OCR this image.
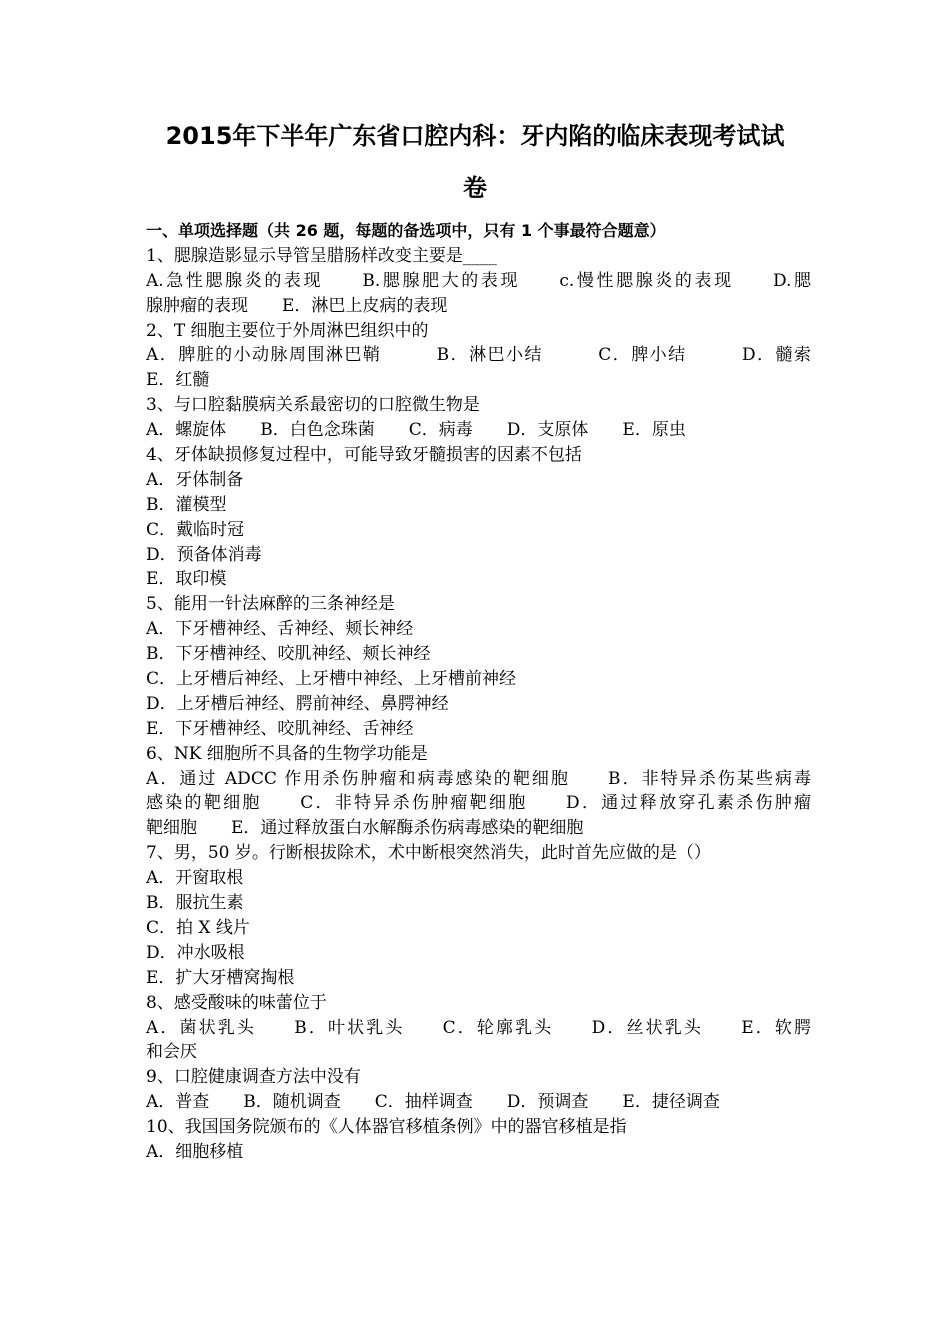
2015年下半年广东省口腔内科：牙内陷的临床表现考试试
卷
一、单项选择题（共 26 题，每题的备选项中，只有 1 个事最符合题意）
1、腮腺造影显示导管呈腊肠样改变主要是____
A.急性腮腺炎的表现　　B.腮腺肥大的表现　　c.慢性腮腺炎的表现　　D.腮
腺肿瘤的表现　　E．淋巴上皮病的表现
2、T 细胞主要位于外周淋巴组织中的
A．脾脏的小动脉周围淋巴鞘　　　B．淋巴小结　　　C．脾小结　　　D．髓索
E．红髓
3、与口腔黏膜病关系最密切的口腔微生物是
A．螺旋体　　B．白色念珠菌　　C．病毒　　D．支原体　　E．原虫
4、牙体缺损修复过程中，可能导致牙髓损害的因素不包括
A．牙体制备
B．灌模型
C．戴临时冠
D．预备体消毒
E．取印模
5、能用一针法麻醉的三条神经是
A．下牙槽神经、舌神经、颊长神经
B．下牙槽神经、咬肌神经、颊长神经
C．上牙槽后神经、上牙槽中神经、上牙槽前神经
D．上牙槽后神经、腭前神经、鼻腭神经
E．下牙槽神经、咬肌神经、舌神经
6、NK 细胞所不具备的生物学功能是
A．通过 ADCC 作用杀伤肿瘤和病毒感染的靶细胞　　B．非特异杀伤某些病毒
感染的靶细胞　　C．非特异杀伤肿瘤靶细胞　　D．通过释放穿孔素杀伤肿瘤
靶细胞　　E．通过释放蛋白水解酶杀伤病毒感染的靶细胞
7、男，50 岁。行断根拔除术，术中断根突然消失，此时首先应做的是（）
A．开窗取根
B．服抗生素
C．拍 X 线片
D．冲水吸根
E．扩大牙槽窝掏根
8、感受酸味的味蕾位于
A．菌状乳头　　B．叶状乳头　　C．轮廓乳头　　D．丝状乳头　　E．软腭
和会厌
9、口腔健康调查方法中没有
A．普查　　B．随机调查　　C．抽样调查　　D．预调查　　E．捷径调查
10、我国国务院颁布的《人体器官移植条例》中的器官移植是指
A．细胞移植
